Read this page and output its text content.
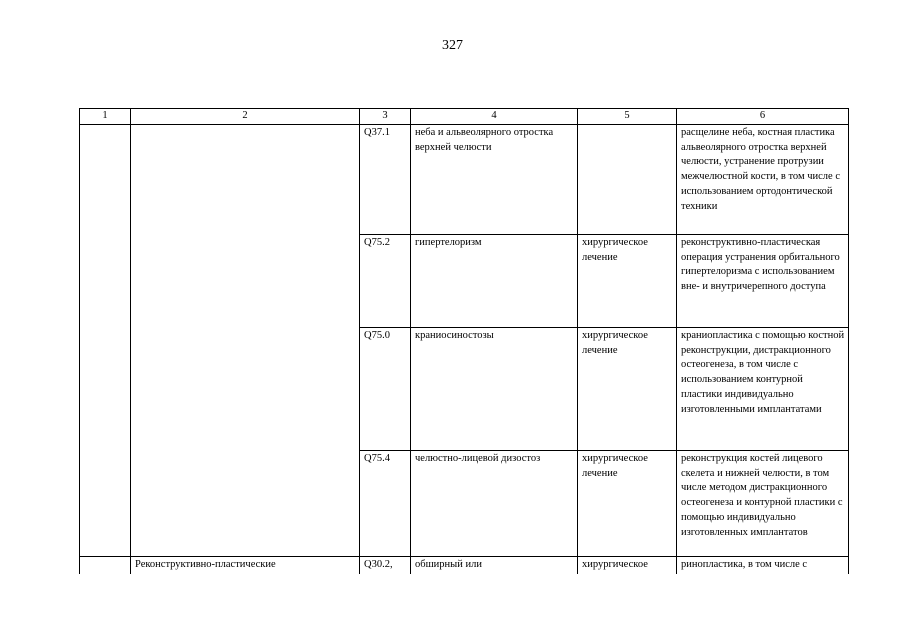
327
1	2	3	4	5	6
		Q37.1	неба и альвеолярного отростка верхней челюсти		расщелине неба, костная пластика альвеолярного отростка верхней челюсти, устранение протрузии межчелюстной кости, в том числе с использованием ортодонтической техники
		Q75.2	гипертелоризм	хирургическое лечение	реконструктивно-пластическая операция устранения орбитального гипертелоризма с использованием вне- и внутричерепного доступа
		Q75.0	краниосиностозы	хирургическое лечение	краниопластика с помощью костной реконструкции, дистракционного остеогенеза, в том числе с использованием контурной пластики индивидуально изготовленными имплантатами
		Q75.4	челюстно-лицевой дизостоз	хирургическое лечение	реконструкция костей лицевого скелета и нижней челюсти, в том числе методом дистракционного остеогенеза и контурной пластики с помощью индивидуально изготовленных имплантатов
	Реконструктивно-пластические	Q30.2,	обширный или	хирургическое	ринопластика, в том числе с
